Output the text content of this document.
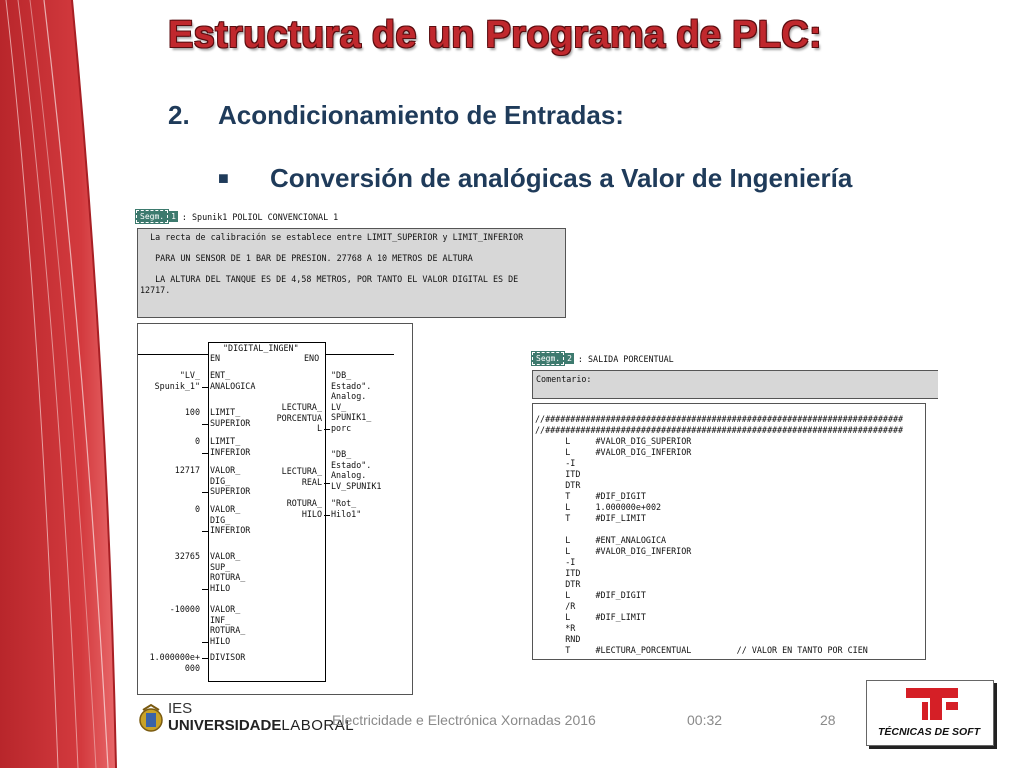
Estructura de un Programa de PLC:
2. Acondicionamiento de Entradas:
■ Conversión de analógicas a Valor de Ingeniería
Segm. 1 : Spunik1 POLIOL CONVENCIONAL 1
La recta de calibración se establece entre LIMIT_SUPERIOR y LIMIT_INFERIOR

PARA UN SENSOR DE 1 BAR DE PRESION. 27768 A 10 METROS DE ALTURA

LA ALTURA DEL TANQUE ES DE 4,58 METROS, POR TANTO EL VALOR DIGITAL ES DE
12717.
"DIGITAL_INGEN"
EN	ENO
"LV_
Spunik_1"
ENT_
ANALOGICA
100 LIMIT_
SUPERIOR
0 LIMIT_
INFERIOR
12717 VALOR_
DIG_
SUPERIOR
0 VALOR_
DIG_
INFERIOR
32765 VALOR_
SUP_
ROTURA_
HILO
-10000 VALOR_
INF_
ROTURA_
HILO
1.000000e+
000
DIVISOR
LECTURA_
PORCENTUA
L
"DB_
Estado".
Analog.
LV_
SPUNIK1_
porc
LECTURA_
REAL
"DB_
Estado".
Analog.
LV_SPUNIK1
ROTURA_
HILO
"Rot_
Hilo1"
Segm. 2 : SALIDA PORCENTUAL
Comentario:
//#######################################################################
//#######################################################################
L     #VALOR_DIG_SUPERIOR
L     #VALOR_DIG_INFERIOR
-I
ITD
DTR
T     #DIF_DIGIT
L     1.000000e+002
T     #DIF_LIMIT

L     #ENT_ANALOGICA
L     #VALOR_DIG_INFERIOR
-I
ITD
DTR
L     #DIF_DIGIT
/R
L     #DIF_LIMIT
*R
RND
T     #LECTURA_PORCENTUAL         // VALOR EN TANTO POR CIEN
IES
UNIVERSIDADELABORAL
Electricidade e Electrónica Xornadas 2016	00:32	28
TÉCNICAS DE SOFT
